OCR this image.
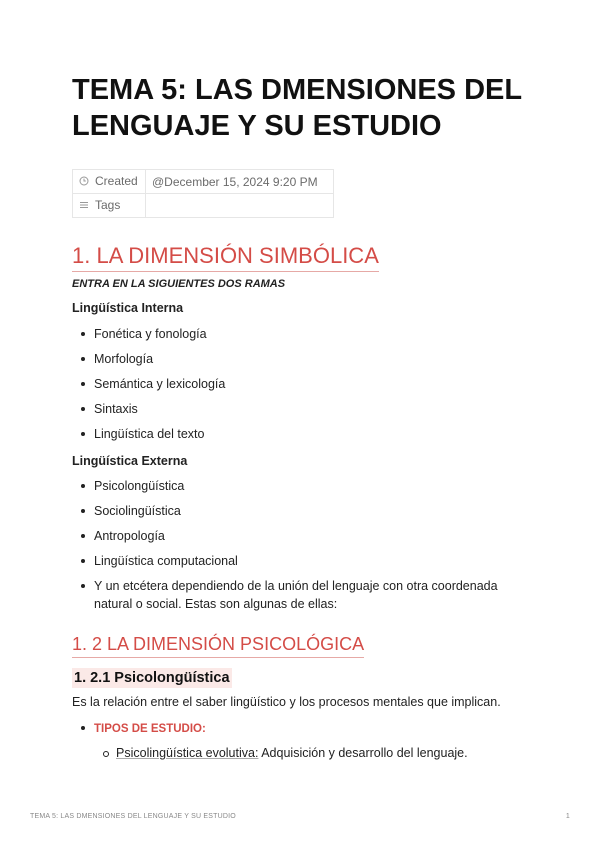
TEMA 5: LAS DMENSIONES DEL LENGUAJE Y SU ESTUDIO
Created	@December 15, 2024 9:20 PM
Tags	
1. LA DIMENSIÓN SIMBÓLICA

ENTRA EN LA SIGUIENTES DOS RAMAS

Lingüística Interna

Fonética y fonología
Morfología
Semántica y lexicología
Sintaxis
Lingüística del texto

Lingüística Externa

Psicolongüística
Sociolingüística
Antropología
Lingüística computacional
Y un etcétera dependiendo de la unión del lenguaje con otra coordenada natural o social. Estas son algunas de ellas:
1. 2 LA DIMENSIÓN PSICOLÓGICA
1. 2.1 Psicolongüística

Es la relación entre el saber lingüístico y los procesos mentales que implican.

TIPOS DE ESTUDIO:
Psicolingüística evolutiva: Adquisición y desarrollo del lenguaje.
TEMA 5: LAS DMENSIONES DEL LENGUAJE Y SU ESTUDIO	1
